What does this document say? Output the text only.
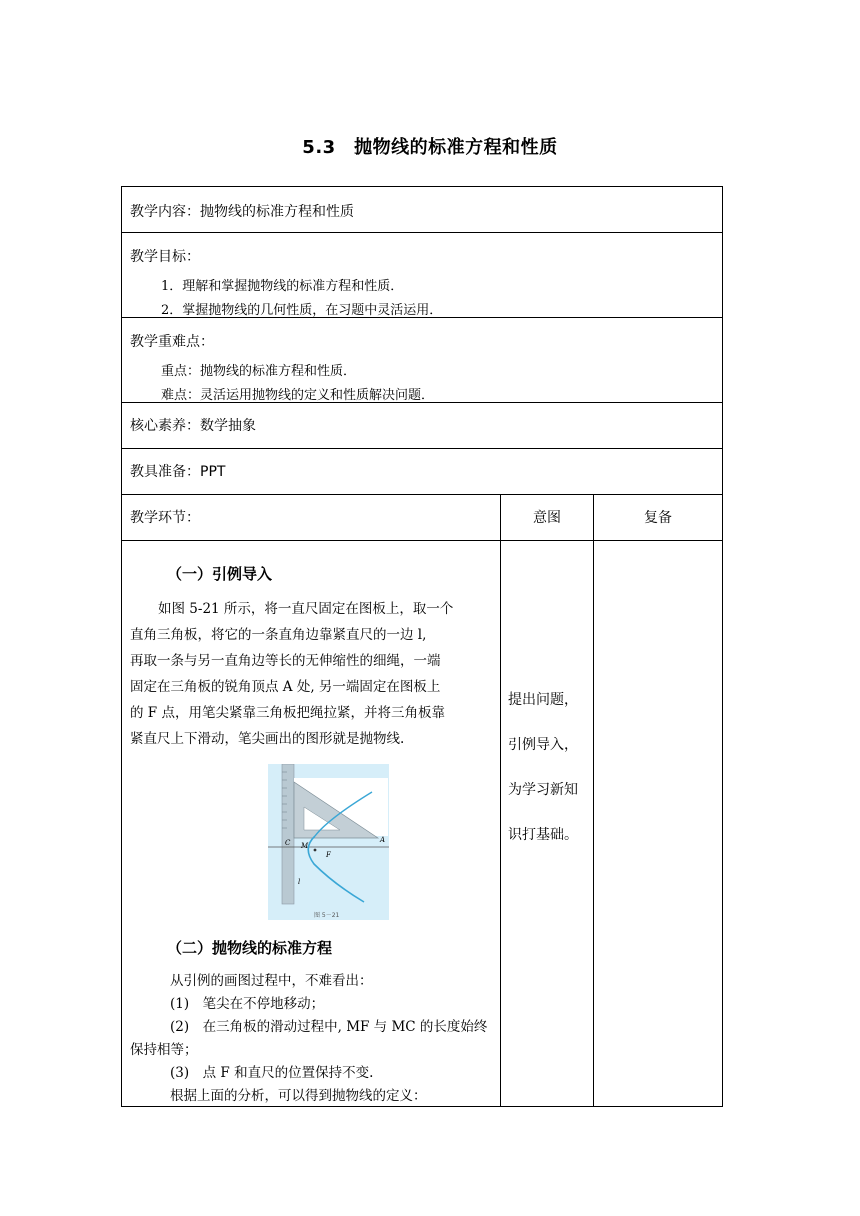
5.3　抛物线的标准方程和性质
教学内容：抛物线的标准方程和性质
教学目标：

1．理解和掌握抛物线的标准方程和性质．

2．掌握抛物线的几何性质，在习题中灵活运用．

教学重难点：

重点：抛物线的标准方程和性质．

难点：灵活运用抛物线的定义和性质解决问题．

核心素养：数学抽象
教具准备：PPT
教学环节：	意图	复备
（一）引例导入

如图 5-21 所示，将一直尺固定在图板上，取一个

直角三角板，将它的一条直角边靠紧直尺的一边 l,

再取一条与另一直角边等长的无伸缩性的细绳，一端

固定在三角板的锐角顶点 A 处, 另一端固定在图板上

的 F 点，用笔尖紧靠三角板把绳拉紧，并将三角板靠

紧直尺上下滑动，笔尖画出的图形就是抛物线.

C M
A
F
l
图 5－21
（二）抛物线的标准方程

从引例的画图过程中，不难看出：

(1)　笔尖在不停地移动；

(2)　在三角板的滑动过程中, MF 与 MC 的长度始终

保持相等；

(3)　点 F 和直尺的位置保持不变.

根据上面的分析，可以得到抛物线的定义：

提出问题，
引例导入，
为学习新知
识打基础。
